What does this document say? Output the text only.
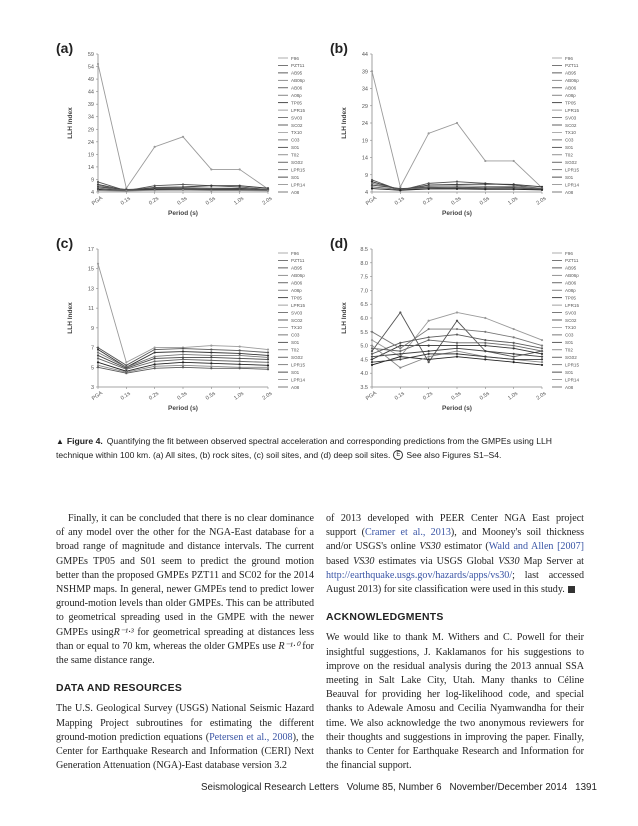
4
9
14
19
24
29
34
39
44
49
54
59
PGA	0.1s	0.2s	0.3s	0.5s	1.0s	2.0s
LLH Index
Period (s)
F96
PZT11
AB95
AB06p
AB06
A08p
TP05
LPR15
SV03
SC02
TX10
C03
S01
T02
SG02
LPR15
S01
LPR14
A08
(a)
4
9
14
19
24
29
34
39
44
PGA	0.1s	0.2s	0.3s	0.5s	1.0s	2.0s
LLH Index
Period (s)
F96
PZT11
AB95
AB06p
AB06
A08p
TP05
LPR15
SV03
SC02
TX10
C03
S01
T02
SG02
LPR15
S01
LPR14
A08
(b)
3
5
7
9
11
13
15
17
PGA	0.1s	0.2s	0.3s	0.5s	1.0s	2.0s
LLH Index
Period (s)
F96
PZT11
AB95
AB06p
AB06
A08p
TP05
LPR15
SV03
SC02
TX10
C03
S01
T02
SG02
LPR15
S01
LPR14
A08
(c)
3.5
4.0
4.5
5.0
5.5
6.0
6.5
7.0
7.5
8.0
8.5
PGA	0.1s	0.2s	0.3s	0.5s	1.0s	2.0s
LLH Index
Period (s)
F96
PZT11
AB95
AB06p
AB06
A08p
TP05
LPR15
SV03
SC02
TX10
C03
S01
T02
SG02
LPR15
S01
LPR14
A08
(d)
▲ Figure 4. Quantifying the fit between observed spectral acceleration and corresponding predictions from the GMPEs using LLH technique within 100 km. (a) All sites, (b) rock sites, (c) soil sites, and (d) deep soil sites. E See also Figures S1–S4.

Finally, it can be concluded that there is no clear dominance of any model over the other for the NGA-East database for a broad range of magnitude and distance intervals. The current GMPEs TP05 and S01 seem to predict the ground motion better than the proposed GMPEs PZT11 and SC02 for the 2014 NSHMP maps. In general, newer GMPEs tend to predict lower ground-motion levels than older GMPEs. This can be attributed to geometrical spreading used in the GMPE with the newer GMPEs usingR⁻¹·³ for geometrical spreading at distances less than or equal to 70 km, whereas the older GMPEs use R⁻¹·⁰ for the same distance range.

DATA AND RESOURCES

The U.S. Geological Survey (USGS) National Seismic Hazard Mapping Project subroutines for estimating the different ground-motion prediction equations (Petersen et al., 2008), the Center for Earthquake Research and Information (CERI) Next Generation Attenuation (NGA)-East database version 3.2

of 2013 developed with PEER Center NGA East project support (Cramer et al., 2013), and Mooney's soil thickness and/or USGS's online VS30 estimator (Wald and Allen [2007] based VS30 estimates via USGS Global VS30 Map Server at http://earthquake.usgs.gov/hazards/apps/vs30/; last accessed August 2013) for site classification were used in this study.

ACKNOWLEDGMENTS

We would like to thank M. Withers and C. Powell for their insightful suggestions, J. Kaklamanos for his suggestions to improve on the residual analysis during the 2013 annual SSA meeting in Salt Lake City, Utah. Many thanks to Céline Beauval for providing her log-likelihood code, and special thanks to Adewale Amosu and Cecilia Nyamwandha for their time. We also acknowledge the two anonymous reviewers for their thoughts and suggestions in improving the paper. Finally, thanks to Center for Earthquake Research and Information for the financial support.

Seismological Research Letters Volume 85, Number 6 November/December 2014 1391
